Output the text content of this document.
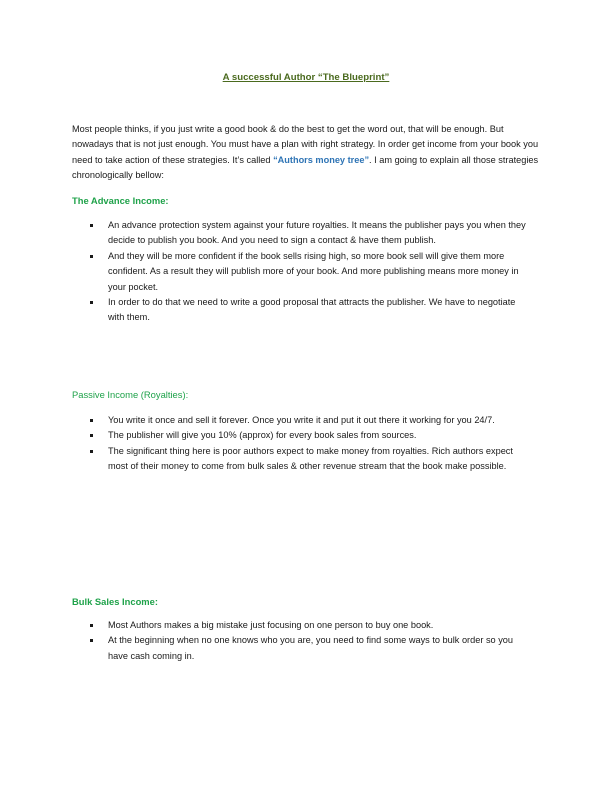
A successful Author “The Blueprint”

Most people thinks, if you just write a good book & do the best to get the word out, that will be enough. But nowadays that is not just enough. You must have a plan with right strategy. In order get income from your book you need to take action of these strategies. It’s called “Authors money tree”. I am going to explain all those strategies chronologically bellow:

The Advance Income:

An advance protection system against your future royalties. It means the publisher pays you when they decide to publish you book. And you need to sign a contact & have them publish.
And they will be more confident if the book sells rising high, so more book sell will give them more confident. As a result they will publish more of your book. And more publishing means more money in your pocket.
In order to do that we need to write a good proposal that attracts the publisher. We have to negotiate with them.

Passive Income (Royalties):

You write it once and sell it forever. Once you write it and put it out there it working for you 24/7.
The publisher will give you 10% (approx) for every book sales from sources.
The significant thing here is poor authors expect to make money from royalties. Rich authors expect most of their money to come from bulk sales & other revenue stream that the book make possible.

Bulk Sales Income:

Most Authors makes a big mistake just focusing on one person to buy one book.
At the beginning when no one knows who you are, you need to find some ways to bulk order so you have cash coming in.
